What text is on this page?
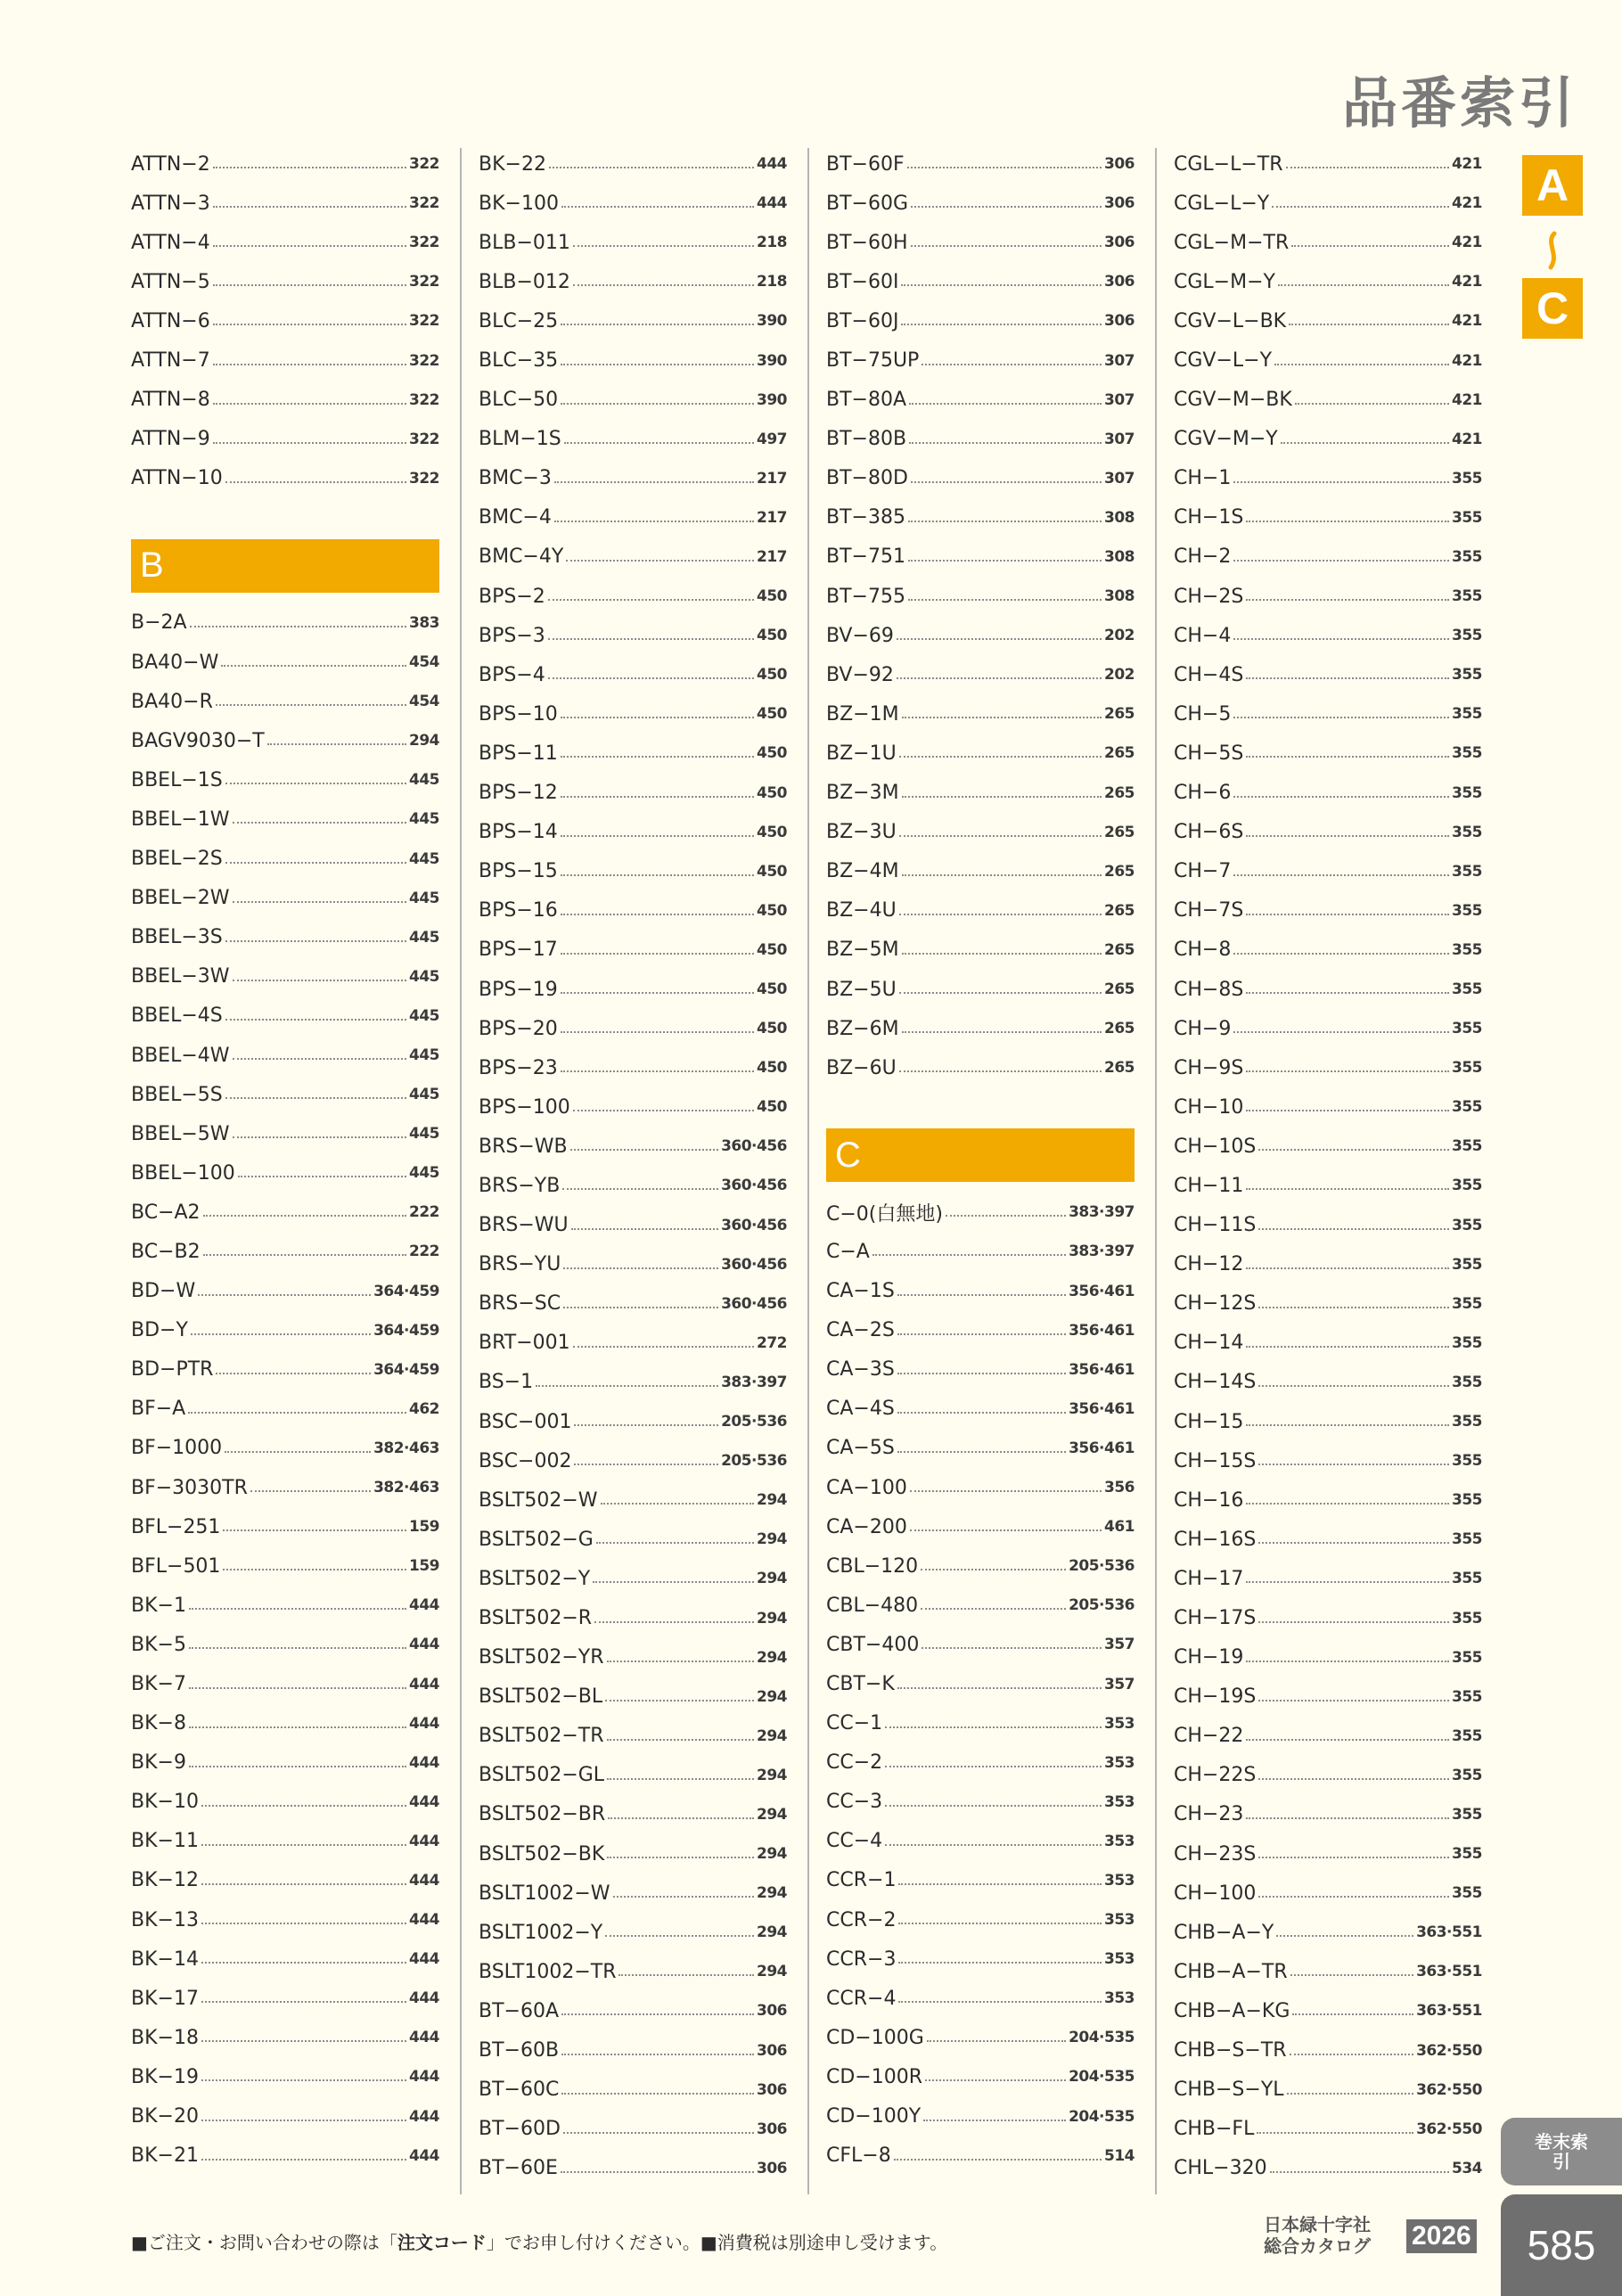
品番索引
ATTN−2	322
ATTN−3	322
ATTN−4	322
ATTN−5	322
ATTN−6	322
ATTN−7	322
ATTN−8	322
ATTN−9	322
ATTN−10	322
B
B−2A	383
BA40−W	454
BA40−R	454
BAGV9030−T	294
BBEL−1S	445
BBEL−1W	445
BBEL−2S	445
BBEL−2W	445
BBEL−3S	445
BBEL−3W	445
BBEL−4S	445
BBEL−4W	445
BBEL−5S	445
BBEL−5W	445
BBEL−100	445
BC−A2	222
BC−B2	222
BD−W	364·459
BD−Y	364·459
BD−PTR	364·459
BF−A	462
BF−1000	382·463
BF−3030TR	382·463
BFL−251	159
BFL−501	159
BK−1	444
BK−5	444
BK−7	444
BK−8	444
BK−9	444
BK−10	444
BK−11	444
BK−12	444
BK−13	444
BK−14	444
BK−17	444
BK−18	444
BK−19	444
BK−20	444
BK−21	444
BK−22	444
BK−100	444
BLB−011	218
BLB−012	218
BLC−25	390
BLC−35	390
BLC−50	390
BLM−1S	497
BMC−3	217
BMC−4	217
BMC−4Y	217
BPS−2	450
BPS−3	450
BPS−4	450
BPS−10	450
BPS−11	450
BPS−12	450
BPS−14	450
BPS−15	450
BPS−16	450
BPS−17	450
BPS−19	450
BPS−20	450
BPS−23	450
BPS−100	450
BRS−WB	360·456
BRS−YB	360·456
BRS−WU	360·456
BRS−YU	360·456
BRS−SC	360·456
BRT−001	272
BS−1	383·397
BSC−001	205·536
BSC−002	205·536
BSLT502−W	294
BSLT502−G	294
BSLT502−Y	294
BSLT502−R	294
BSLT502−YR	294
BSLT502−BL	294
BSLT502−TR	294
BSLT502−GL	294
BSLT502−BR	294
BSLT502−BK	294
BSLT1002−W	294
BSLT1002−Y	294
BSLT1002−TR	294
BT−60A	306
BT−60B	306
BT−60C	306
BT−60D	306
BT−60E	306
BT−60F	306
BT−60G	306
BT−60H	306
BT−60I	306
BT−60J	306
BT−75UP	307
BT−80A	307
BT−80B	307
BT−80D	307
BT−385	308
BT−751	308
BT−755	308
BV−69	202
BV−92	202
BZ−1M	265
BZ−1U	265
BZ−3M	265
BZ−3U	265
BZ−4M	265
BZ−4U	265
BZ−5M	265
BZ−5U	265
BZ−6M	265
BZ−6U	265
C
C−0(白無地)	383·397
C−A	383·397
CA−1S	356·461
CA−2S	356·461
CA−3S	356·461
CA−4S	356·461
CA−5S	356·461
CA−100	356
CA−200	461
CBL−120	205·536
CBL−480	205·536
CBT−400	357
CBT−K	357
CC−1	353
CC−2	353
CC−3	353
CC−4	353
CCR−1	353
CCR−2	353
CCR−3	353
CCR−4	353
CD−100G	204·535
CD−100R	204·535
CD−100Y	204·535
CFL−8	514
CGL−L−TR	421
CGL−L−Y	421
CGL−M−TR	421
CGL−M−Y	421
CGV−L−BK	421
CGV−L−Y	421
CGV−M−BK	421
CGV−M−Y	421
CH−1	355
CH−1S	355
CH−2	355
CH−2S	355
CH−4	355
CH−4S	355
CH−5	355
CH−5S	355
CH−6	355
CH−6S	355
CH−7	355
CH−7S	355
CH−8	355
CH−8S	355
CH−9	355
CH−9S	355
CH−10	355
CH−10S	355
CH−11	355
CH−11S	355
CH−12	355
CH−12S	355
CH−14	355
CH−14S	355
CH−15	355
CH−15S	355
CH−16	355
CH−16S	355
CH−17	355
CH−17S	355
CH−19	355
CH−19S	355
CH−22	355
CH−22S	355
CH−23	355
CH−23S	355
CH−100	355
CHB−A−Y	363·551
CHB−A−TR	363·551
CHB−A−KG	363·551
CHB−S−TR	362·550
CHB−S−YL	362·550
CHB−FL	362·550
CHL−320	534
A
C
巻末索引
585
■ご注文・お問い合わせの際は「注文コード」でお申し付けください。■消費税は別途申し受けます。
日本緑十字社
総合カタログ 2026
